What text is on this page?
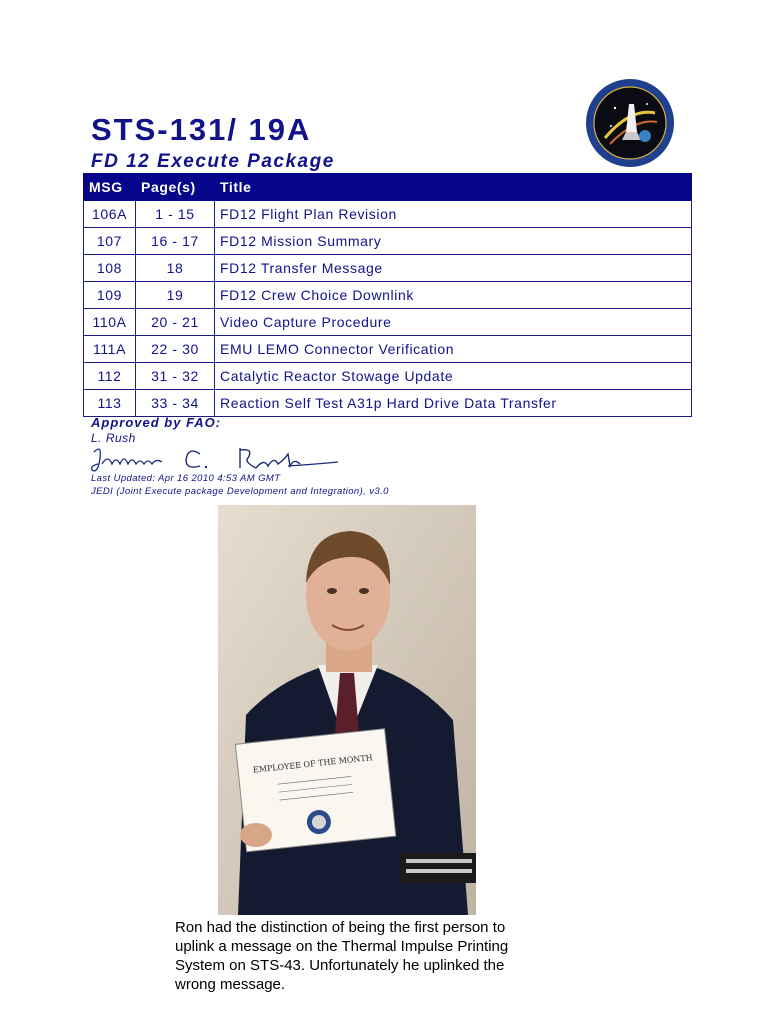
STS-131/ 19A
FD 12 Execute Package
MSG	Page(s)	Title
106A	1 - 15	FD12 Flight Plan Revision
107	16 - 17	FD12 Mission Summary
108	18	FD12 Transfer Message
109	19	FD12 Crew Choice Downlink
110A	20 - 21	Video Capture Procedure
111A	22 - 30	EMU LEMO Connector Verification
112	31 - 32	Catalytic Reactor Stowage Update
113	33 - 34	Reaction Self Test A31p Hard Drive Data Transfer
Approved by FAO:
L. Rush
Last Updated: Apr 16 2010 4:53 AM GMT
JEDI (Joint Execute package Development and Integration), v3.0
EMPLOYEE OF THE MONTH
Ron had the distinction of being the first person to uplink a message on the Thermal Impulse Printing System on STS-43. Unfortunately he uplinked the wrong message.
